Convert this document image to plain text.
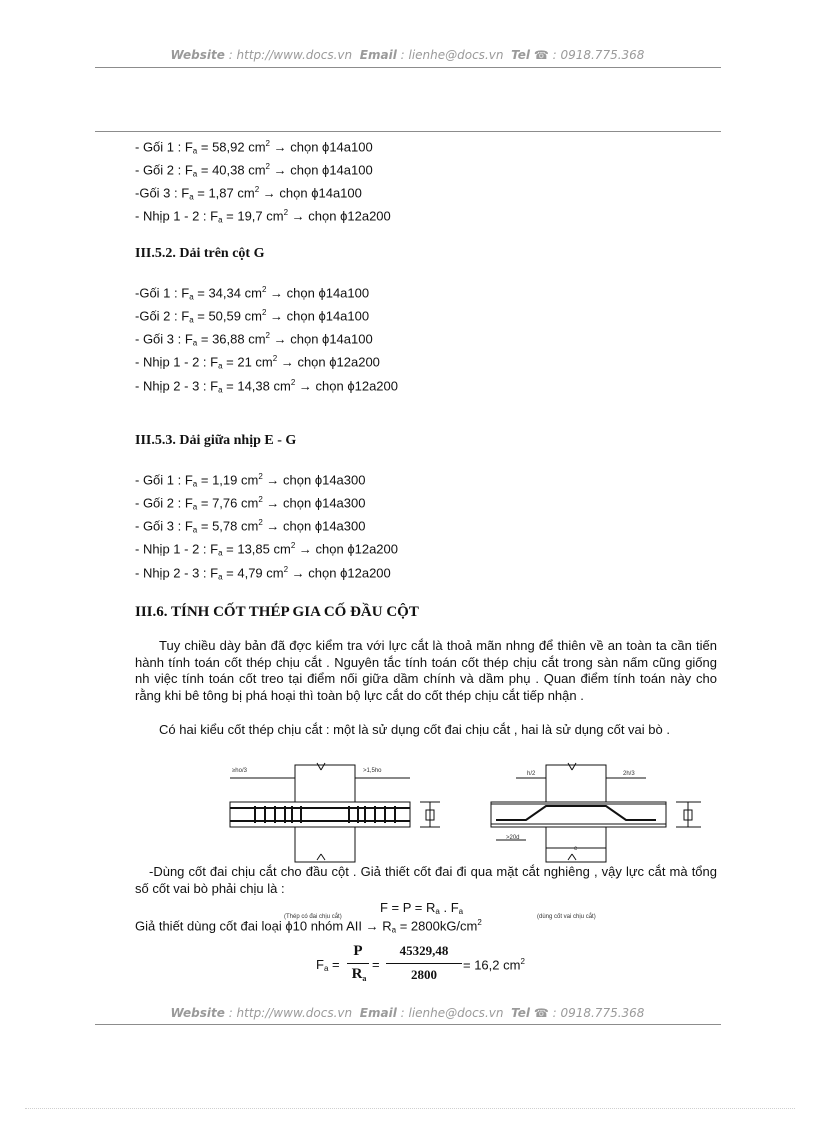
Website : http://www.docs.vn Email : lienhe@docs.vn Tel ☎ : 0918.775.368
- Gối 1 : $F_a = 58,92$ $cm^2$ → chọn ϕ14a100
- Gối 2 : $F_a = 40,38$ $cm^2$ → chọn ϕ14a100
-Gối 3 : $F_a = 1,87$ $cm^2$ → chọn ϕ14a100
- Nhịp 1 - 2 : $F_a = 19,7$ $cm^2$ → chọn ϕ12a200
III.5.2. Dải trên cột G
-Gối 1 : $F_a = 34,34$ $cm^2$ → chọn ϕ14a100
-Gối 2 : $F_a = 50,59$ $cm^2$ → chọn ϕ14a100
- Gối 3 : $F_a = 36,88$ $cm^2$ → chọn ϕ14a100
- Nhịp 1 - 2 : $F_a = 21$ $cm^2$ → chọn ϕ12a200
- Nhịp 2 - 3 : $F_a = 14,38$ $cm^2$ → chọn ϕ12a200
III.5.3. Dải giữa nhịp E - G
- Gối 1 : $F_a = 1,19$ $cm^2$ → chọn ϕ14a300
- Gối 2 : $F_a = 7,76$ $cm^2$ → chọn ϕ14a300
- Gối 3 : $F_a = 5,78$ $cm^2$ → chọn ϕ14a300
- Nhịp 1 - 2 : $F_a = 13,85$ $cm^2$ → chọn ϕ12a200
- Nhịp 2 - 3 : $F_a = 4,79$ $cm^2$ → chọn ϕ12a200
III.6. TÍNH CỐT THÉP GIA CỐ ĐẦU CỘT
Tuy chiều dày bản đã đợc kiểm tra với lực cắt là thoả mãn nhng để thiên về an toàn ta cần tiến hành tính toán cốt thép chịu cắt . Nguyên tắc tính toán cốt thép chịu cắt trong sàn nấm cũng giống nh việc tính toán cốt treo tại điểm nối giữa dầm chính và dầm phụ . Quan điểm tính toán này cho rằng khi bê tông bị phá hoại thì toàn bộ lực cắt do cốt thép chịu cắt tiếp nhận .
Có hai kiểu cốt thép chịu cắt : một là sử dụng cốt đai chịu cắt , hai là sử dụng cốt vai bò .
≥ho/3	>1,5ho	h/2	2h/3
>20d
c
-Dùng cốt đai chịu cắt cho đầu cột . Giả thiết cốt đai đi qua mặt cắt nghiêng , vậy lực cắt mà tổng số cốt vai bò phải chịu là :
$F = P = R_a$ . Fa
(Thép có đai chịu cắt)	(dùng cốt vai chịu cắt)
Giả thiết dùng cốt đai loại ϕ10 nhóm AII → $Ra = 2800kG/cm^2$
Fa =
P
$R_a$
=
45329,48
2800
= 16,2 $cm^2$
Website : http://www.docs.vn Email : lienhe@docs.vn Tel ☎ : 0918.775.368
